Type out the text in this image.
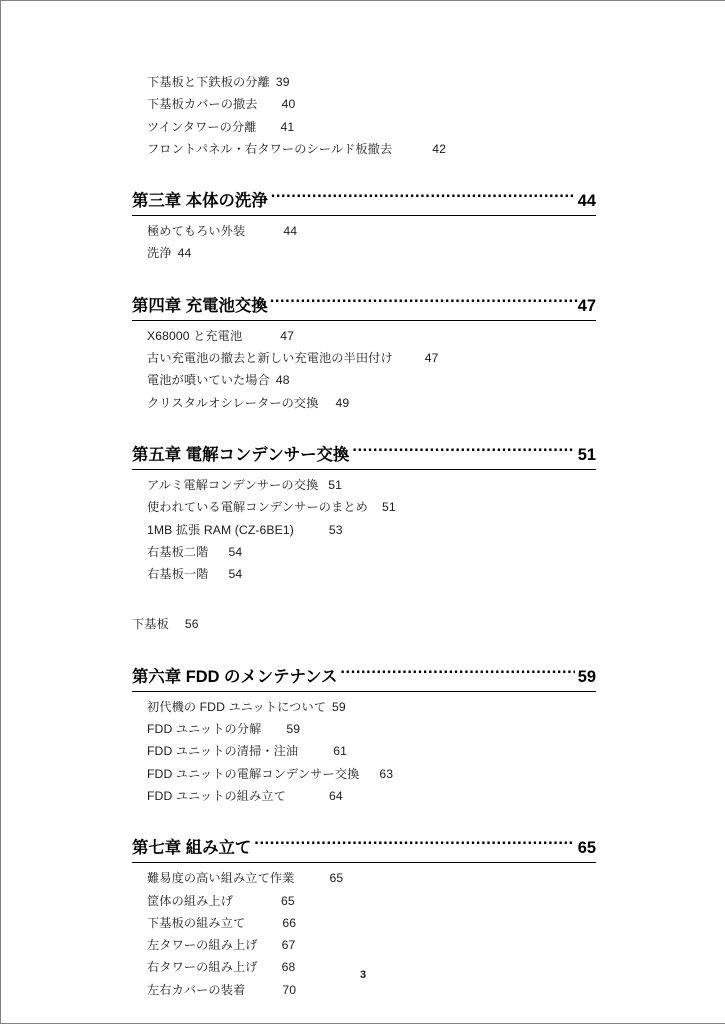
下基板と下鉄板の分離 39
下基板カバーの撤去 40
ツインタワーの分離 41
フロントパネル・右タワーのシールド板撤去	42
第三章 本体の洗浄 .....	44
極めてもろい外装	44
洗浄 44
第四章 充電池交換 .....	47
X68000 と充電池	47
古い充電池の撤去と新しい充電池の半田付け	47
電池が噴いていた場合 48
クリスタルオシレーターの交換 49
第五章 電解コンデンサー交換 .....	51
アルミ電解コンデンサーの交換 51
使われている電解コンデンサーのまとめ 51
1MB 拡張 RAM (CZ-6BE1)	53
右基板二階 54
右基板一階 54
下基板 56
第六章 FDD のメンテナンス .....	59
初代機の FDD ユニットについて 59
FDD ユニットの分解 59
FDD ユニットの清掃・注油	61
FDD ユニットの電解コンデンサー交換 63
FDD ユニットの組み立て	64
第七章 組み立て .....	65
難易度の高い組み立て作業	65
筐体の組み上げ	65
下基板の組み立て	66
左タワーの組み上げ 67
右タワーの組み上げ 68
左右カバーの装着	70
3
